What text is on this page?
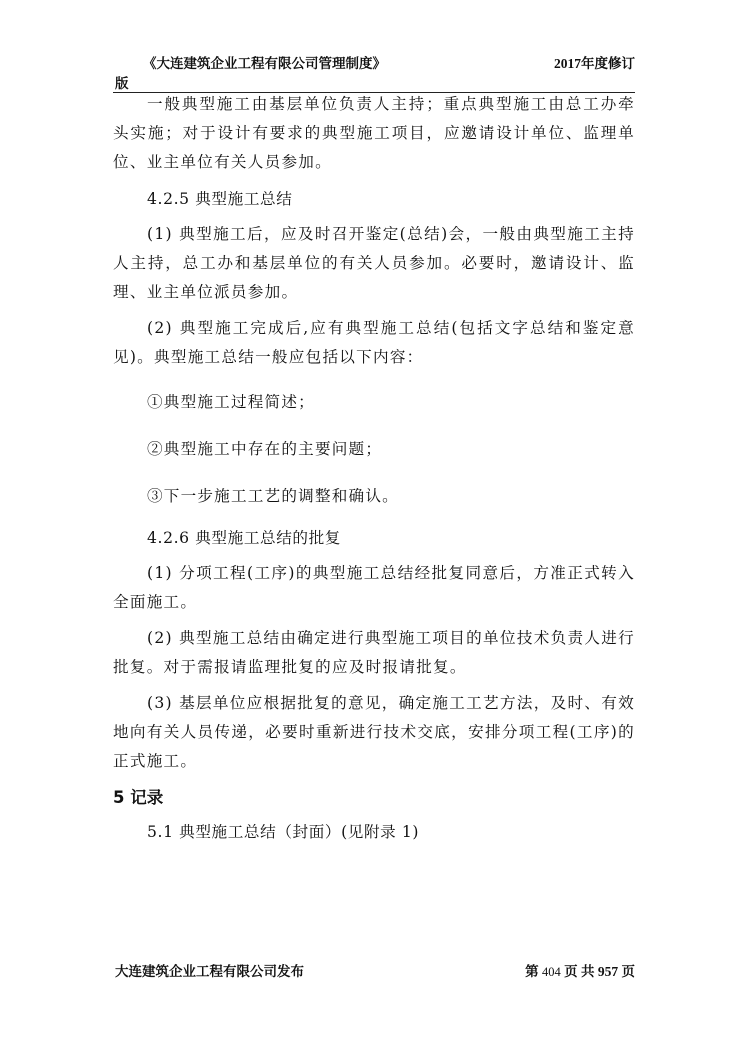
《大连建筑企业工程有限公司管理制度》	2017年度修订
版

一般典型施工由基层单位负责人主持；重点典型施工由总工办牵头实施；对于设计有要求的典型施工项目，应邀请设计单位、监理单位、业主单位有关人员参加。

4.2.5 典型施工总结

(1) 典型施工后，应及时召开鉴定(总结)会，一般由典型施工主持人主持，总工办和基层单位的有关人员参加。必要时，邀请设计、监理、业主单位派员参加。

(2) 典型施工完成后,应有典型施工总结(包括文字总结和鉴定意见)。典型施工总结一般应包括以下内容：

①典型施工过程简述；

②典型施工中存在的主要问题；

③下一步施工工艺的调整和确认。

4.2.6 典型施工总结的批复

(1) 分项工程(工序)的典型施工总结经批复同意后，方准正式转入全面施工。

(2) 典型施工总结由确定进行典型施工项目的单位技术负责人进行批复。对于需报请监理批复的应及时报请批复。

(3) 基层单位应根据批复的意见，确定施工工艺方法，及时、有效地向有关人员传递，必要时重新进行技术交底，安排分项工程(工序)的正式施工。

5 记录

5.1 典型施工总结（封面）(见附录 1)

大连建筑企业工程有限公司发布	第 404 页 共 957 页
